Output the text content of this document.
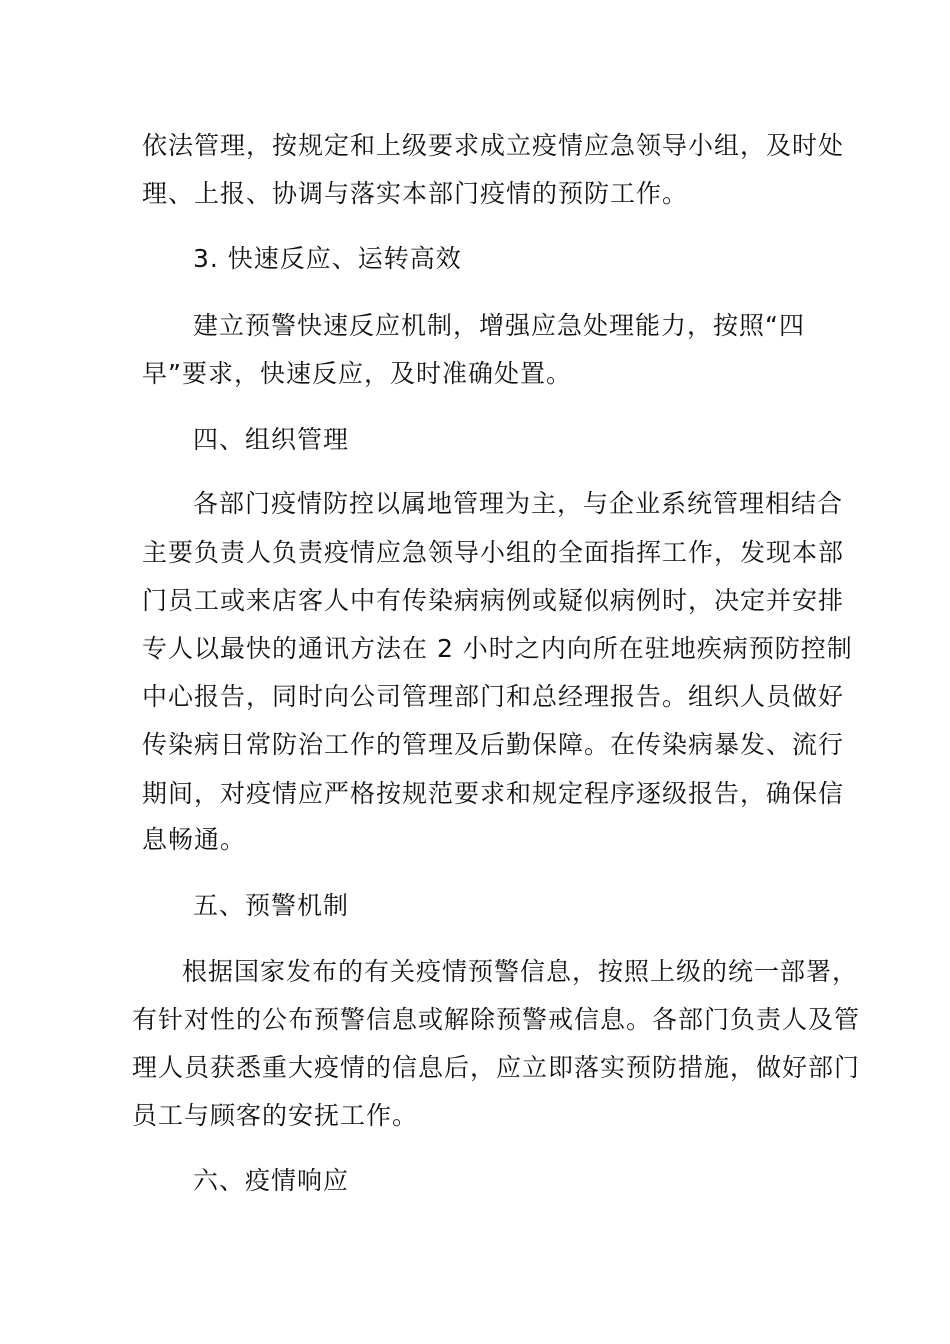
依法管理，按规定和上级要求成立疫情应急领导小组，及时处
理、上报、协调与落实本部门疫情的预防工作。
3. 快速反应、运转高效
建立预警快速反应机制，增强应急处理能力，按照“四
早”要求，快速反应，及时准确处置。
四、组织管理
各部门疫情防控以属地管理为主，与企业系统管理相结合
主要负责人负责疫情应急领导小组的全面指挥工作，发现本部
门员工或来店客人中有传染病病例或疑似病例时，决定并安排
专人以最快的通讯方法在 2 小时之内向所在驻地疾病预防控制
中心报告，同时向公司管理部门和总经理报告。组织人员做好
传染病日常防治工作的管理及后勤保障。在传染病暴发、流行
期间，对疫情应严格按规范要求和规定程序逐级报告，确保信
息畅通。
五、预警机制
根据国家发布的有关疫情预警信息，按照上级的统一部署，
有针对性的公布预警信息或解除预警戒信息。各部门负责人及管
理人员获悉重大疫情的信息后，应立即落实预防措施，做好部门
员工与顾客的安抚工作。
六、疫情响应
